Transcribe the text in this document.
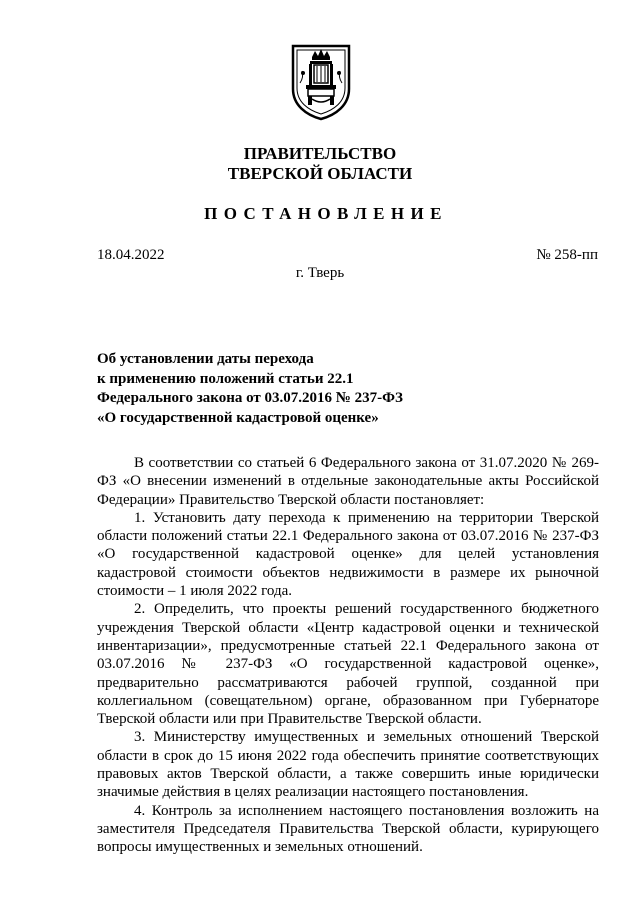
ПРАВИТЕЛЬСТВО
ТВЕРСКОЙ ОБЛАСТИ
ПОСТАНОВЛЕНИЕ
18.04.2022	№ 258-пп
г. Тверь
Об установлении даты перехода
к применению положений статьи 22.1
Федерального закона от 03.07.2016 № 237-ФЗ
«О государственной кадастровой оценке»

В соответствии со статьей 6 Федерального закона от 31.07.2020 № 269-ФЗ «О внесении изменений в отдельные законодательные акты Российской Федерации» Правительство Тверской области постановляет:

1. Установить дату перехода к применению на территории Тверской области положений статьи 22.1 Федерального закона от 03.07.2016 № 237-ФЗ «О государственной кадастровой оценке» для целей установления кадастровой стоимости объектов недвижимости в размере их рыночной стоимости – 1 июля 2022 года.

2. Определить, что проекты решений государственного бюджетного учреждения Тверской области «Центр кадастровой оценки и технической инвентаризации», предусмотренные статьей 22.1 Федерального закона от 03.07.2016 № 237-ФЗ «О государственной кадастровой оценке», предварительно рассматриваются рабочей группой, созданной при коллегиальном (совещательном) органе, образованном при Губернаторе Тверской области или при Правительстве Тверской области.

3. Министерству имущественных и земельных отношений Тверской области в срок до 15 июня 2022 года обеспечить принятие соответствующих правовых актов Тверской области, а также совершить иные юридически значимые действия в целях реализации настоящего постановления.

4. Контроль за исполнением настоящего постановления возложить на заместителя Председателя Правительства Тверской области, курирующего вопросы имущественных и земельных отношений.
